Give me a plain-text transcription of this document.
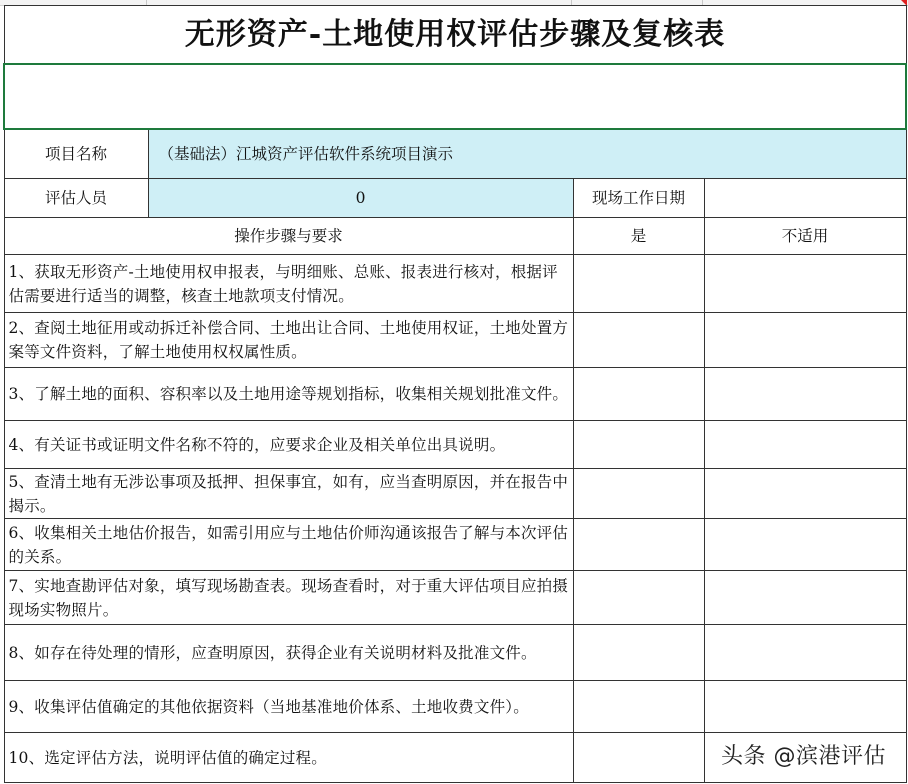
无形资产-土地使用权评估步骤及复核表			

项目名称	（基础法）江城资产评估软件系统项目演示		
评估人员	0	现场工作日期	
操作步骤与要求		是	不适用
1、获取无形资产-土地使用权申报表，与明细账、总账、报表进行核对，根据评估需要进行适当的调整，核查土地款项支付情况。			
2、查阅土地征用或动拆迁补偿合同、土地出让合同、土地使用权证，土地处置方案等文件资料，了解土地使用权权属性质。			
3、了解土地的面积、容积率以及土地用途等规划指标，收集相关规划批准文件。			
4、有关证书或证明文件名称不符的，应要求企业及相关单位出具说明。			
5、查清土地有无涉讼事项及抵押、担保事宜，如有，应当查明原因，并在报告中揭示。			
6、收集相关土地估价报告，如需引用应与土地估价师沟通该报告了解与本次评估的关系。			
7、实地查勘评估对象，填写现场勘查表。现场查看时，对于重大评估项目应拍摄现场实物照片。			
8、如存在待处理的情形，应查明原因，获得企业有关说明材料及批准文件。			
9、收集评估值确定的其他依据资料（当地基准地价体系、土地收费文件）。			
10、选定评估方法，说明评估值的确定过程。				头条 @滨港评估
